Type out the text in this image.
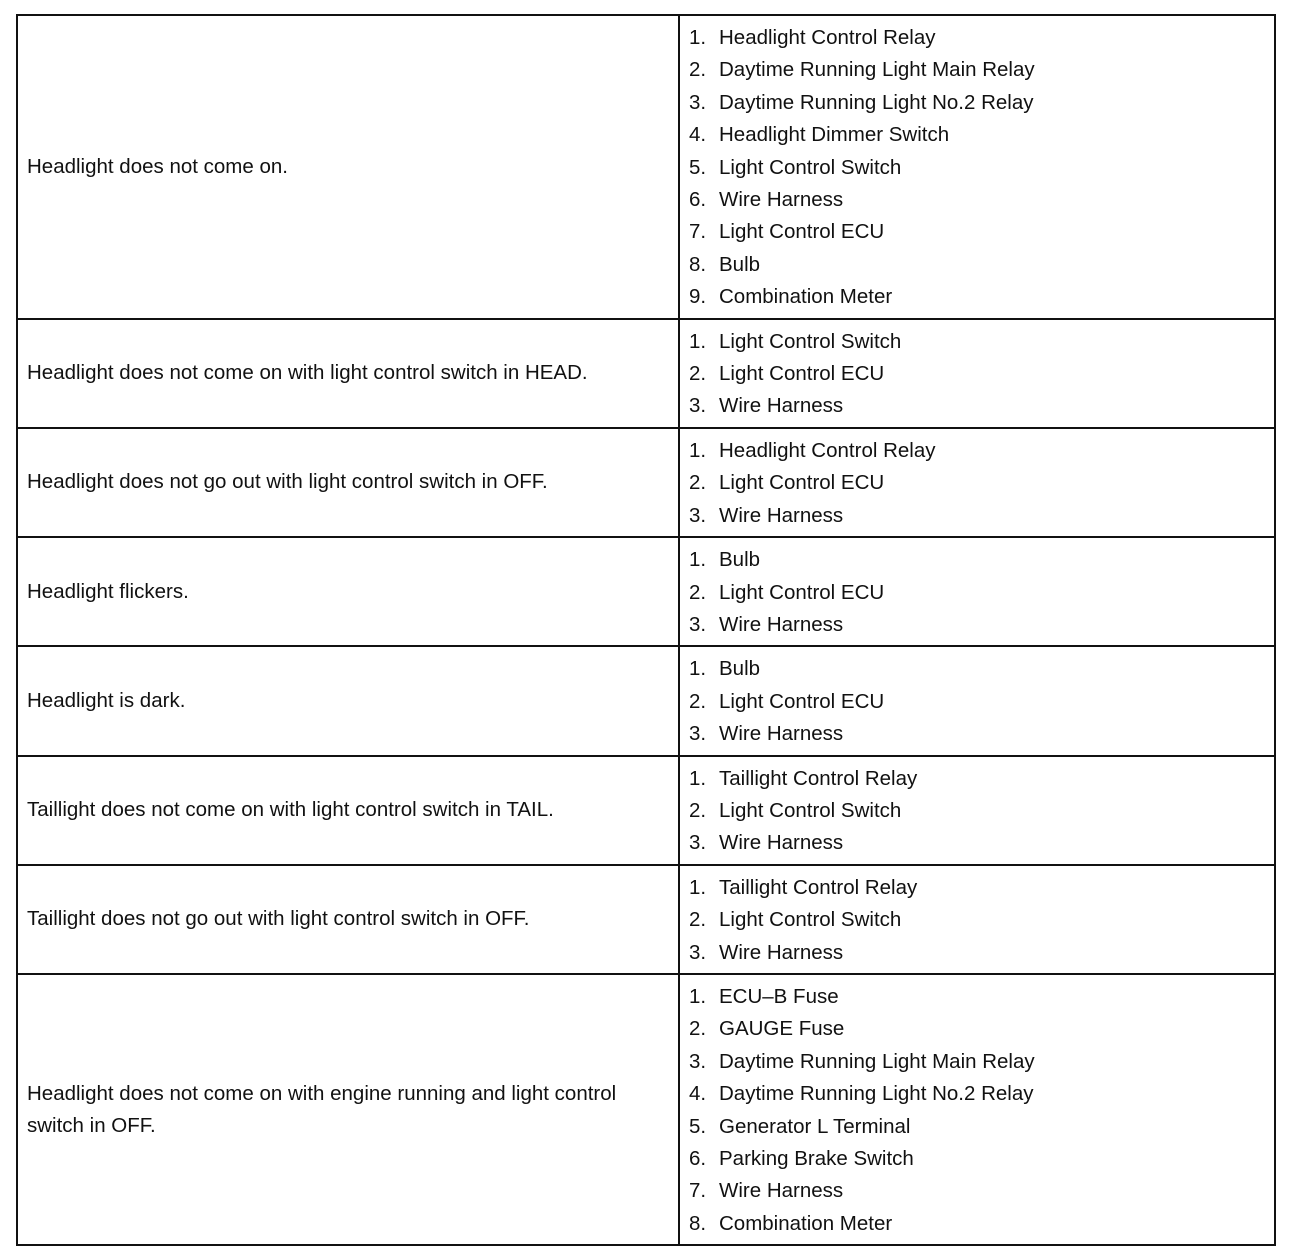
Headlight does not come on.
1. Headlight Control Relay
2. Daytime Running Light Main Relay
3. Daytime Running Light No.2 Relay
4. Headlight Dimmer Switch
5. Light Control Switch
6. Wire Harness
7. Light Control ECU
8. Bulb
9. Combination Meter
Headlight does not come on with light control switch in HEAD.
1. Light Control Switch
2. Light Control ECU
3. Wire Harness
Headlight does not go out with light control switch in OFF.
1. Headlight Control Relay
2. Light Control ECU
3. Wire Harness
Headlight flickers.
1. Bulb
2. Light Control ECU
3. Wire Harness
Headlight is dark.
1. Bulb
2. Light Control ECU
3. Wire Harness
Taillight does not come on with light control switch in TAIL.
1. Taillight Control Relay
2. Light Control Switch
3. Wire Harness
Taillight does not go out with light control switch in OFF.
1. Taillight Control Relay
2. Light Control Switch
3. Wire Harness
Headlight does not come on with engine running and light control switch in OFF.
1. ECU–B Fuse
2. GAUGE Fuse
3. Daytime Running Light Main Relay
4. Daytime Running Light No.2 Relay
5. Generator L Terminal
6. Parking Brake Switch
7. Wire Harness
8. Combination Meter
